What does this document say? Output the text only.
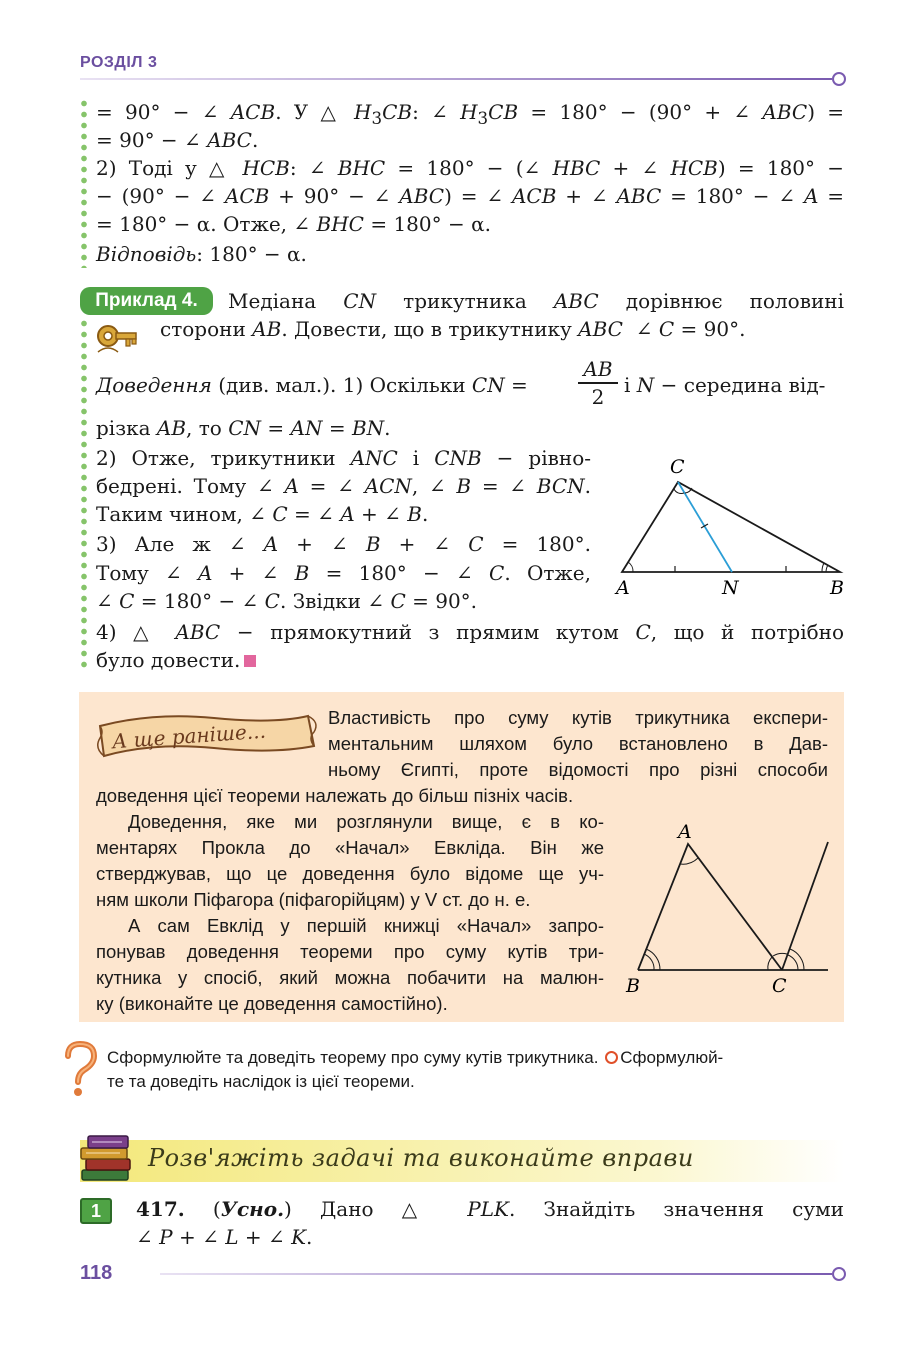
РОЗДІЛ 3
= 90° − ∠ ACB. У △ $H_3CB$: ∠ $H_3CB = 180^\circ - (90^\circ$ + ∠ ABC) =
= 90° − ∠ ABC.
2) Тоді у △ HCB: ∠ BHC = 180° − (∠ HBC + ∠ HCB) = 180° −
− (90° − ∠ ACB + 90° − ∠ ABC) = ∠ ACB + ∠ ABC = 180° − ∠ A =
= 180° − α. Отже, ∠ BHC = 180° − α.
Відповідь: 180° − α.
Приклад 4.	Медіана CN трикутника ABC дорівнює половині
сторони AB. Довести, що в трикутнику ABC  ∠ C = 90°.
Доведення (див. мал.). 1) Оскільки CN =
AB
2 і N − середина від-
різка AB, то CN = AN = BN.
2) Отже, трикутники ANC і CNB − рівно-
бедрені. Тому ∠ A = ∠ ACN, ∠ B = ∠ BCN.
Таким чином, ∠ C = ∠ A + ∠ B.
3) Але ж ∠ A + ∠ B + ∠ C = 180°.
Тому ∠ A + ∠ B = 180° − ∠ C. Отже,
∠ C = 180° − ∠ C. Звідки ∠ C = 90°.
4) △ ABC − прямокутний з прямим кутом C, що й потрібно
було довести.
C
A	N	B
А ще раніше...
Властивість про суму кутів трикутника експери-
ментальним шляхом було встановлено в Дав-
ньому Єгипті, проте відомості про різні способи
доведення цієї теореми належать до більш пізніх часів.
Доведення, яке ми розглянули вище, є в ко-
ментарях Прокла до «Начал» Евкліда. Він же
стверджував, що це доведення було відоме ще уч-
ням школи Піфагора (піфагорійцям) у V ст. до н. е.
А сам Евклід у першій книжці «Начал» запро-
понував доведення теореми про суму кутів три-
кутника у спосіб, який можна побачити на малюн-
ку (виконайте це доведення самостійно).
A
B	C
Сформулюйте та доведіть теорему про суму кутів трикутника. Сформулюй-
те та доведіть наслідок із цієї теореми.
Розв'яжіть задачі та виконайте вправи
1	417. (Усно.) Дано △ PLK. Знайдіть значення суми
∠ P + ∠ L + ∠ K.
118
